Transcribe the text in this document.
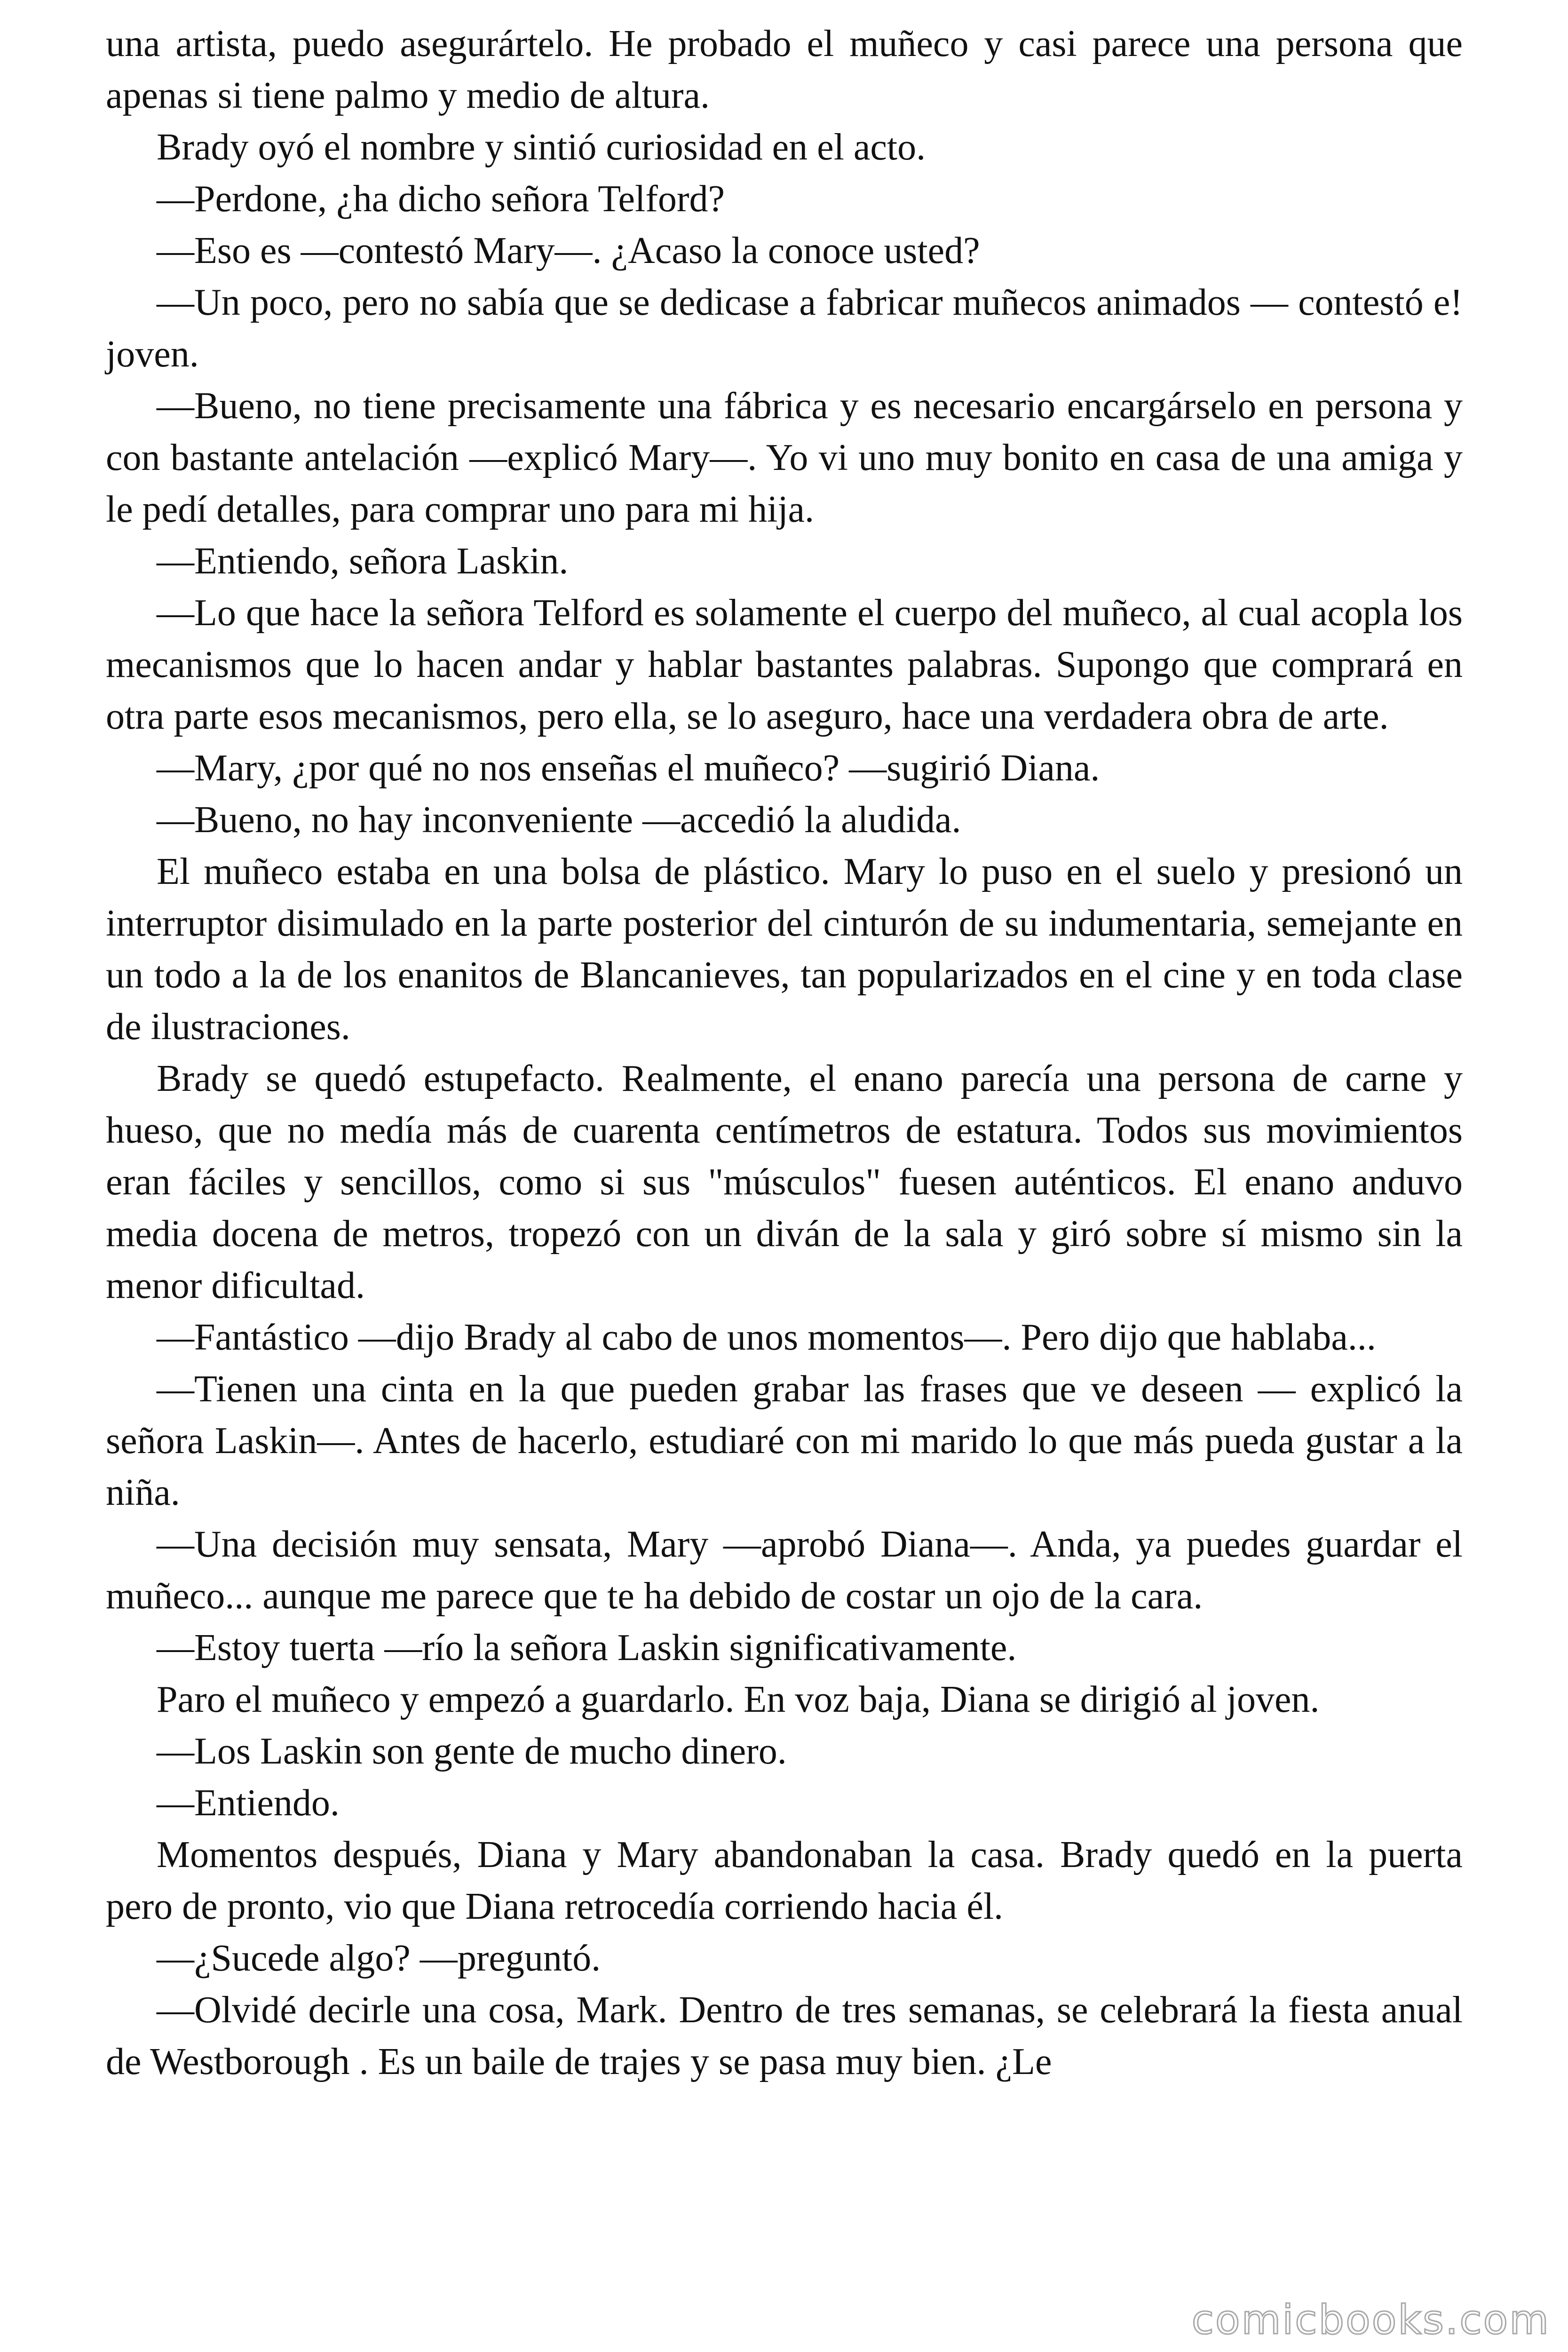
una artista, puedo asegurártelo. He probado el muñeco y casi parece una persona que apenas si tiene palmo y medio de altura.

Brady oyó el nombre y sintió curiosidad en el acto.

—Perdone, ¿ha dicho señora Telford?

—Eso es —contestó Mary—. ¿Acaso la conoce usted?

—Un poco, pero no sabía que se dedicase a fabricar muñecos animados — contestó e! joven.

—Bueno, no tiene precisamente una fábrica y es necesario encargárselo en persona y con bastante antelación —explicó Mary—. Yo vi uno muy bonito en casa de una amiga y le pedí detalles, para comprar uno para mi hija.

—Entiendo, señora Laskin.

—Lo que hace la señora Telford es solamente el cuerpo del muñeco, al cual acopla los mecanismos que lo hacen andar y hablar bastantes palabras. Supongo que comprará en otra parte esos mecanismos, pero ella, se lo aseguro, hace una verdadera obra de arte.

—Mary, ¿por qué no nos enseñas el muñeco? —sugirió Diana.

—Bueno, no hay inconveniente —accedió la aludida.

El muñeco estaba en una bolsa de plástico. Mary lo puso en el suelo y presionó un interruptor disimulado en la parte posterior del cinturón de su indumentaria, semejante en un todo a la de los enanitos de Blancanieves, tan popularizados en el cine y en toda clase de ilustraciones.

Brady se quedó estupefacto. Realmente, el enano parecía una persona de carne y hueso, que no medía más de cuarenta centímetros de estatura. Todos sus movimientos eran fáciles y sencillos, como si sus "músculos" fuesen auténticos. El enano anduvo media docena de metros, tropezó con un diván de la sala y giró sobre sí mismo sin la menor dificultad.

—Fantástico —dijo Brady al cabo de unos momentos—. Pero dijo que hablaba...

—Tienen una cinta en la que pueden grabar las frases que ve deseen — explicó la señora Laskin—. Antes de hacerlo, estudiaré con mi marido lo que más pueda gustar a la niña.

—Una decisión muy sensata, Mary —aprobó Diana—. Anda, ya puedes guardar el muñeco... aunque me parece que te ha debido de costar un ojo de la cara.

—Estoy tuerta —río la señora Laskin significativamente.

Paro el muñeco y empezó a guardarlo. En voz baja, Diana se dirigió al joven.

—Los Laskin son gente de mucho dinero.

—Entiendo.

Momentos después, Diana y Mary abandonaban la casa. Brady quedó en la puerta pero de pronto, vio que Diana retrocedía corriendo hacia él.

—¿Sucede algo? —preguntó.

—Olvidé decirle una cosa, Mark. Dentro de tres semanas, se celebrará la fiesta anual de Westborough . Es un baile de trajes y se pasa muy bien. ¿Le

comicbooks.com
